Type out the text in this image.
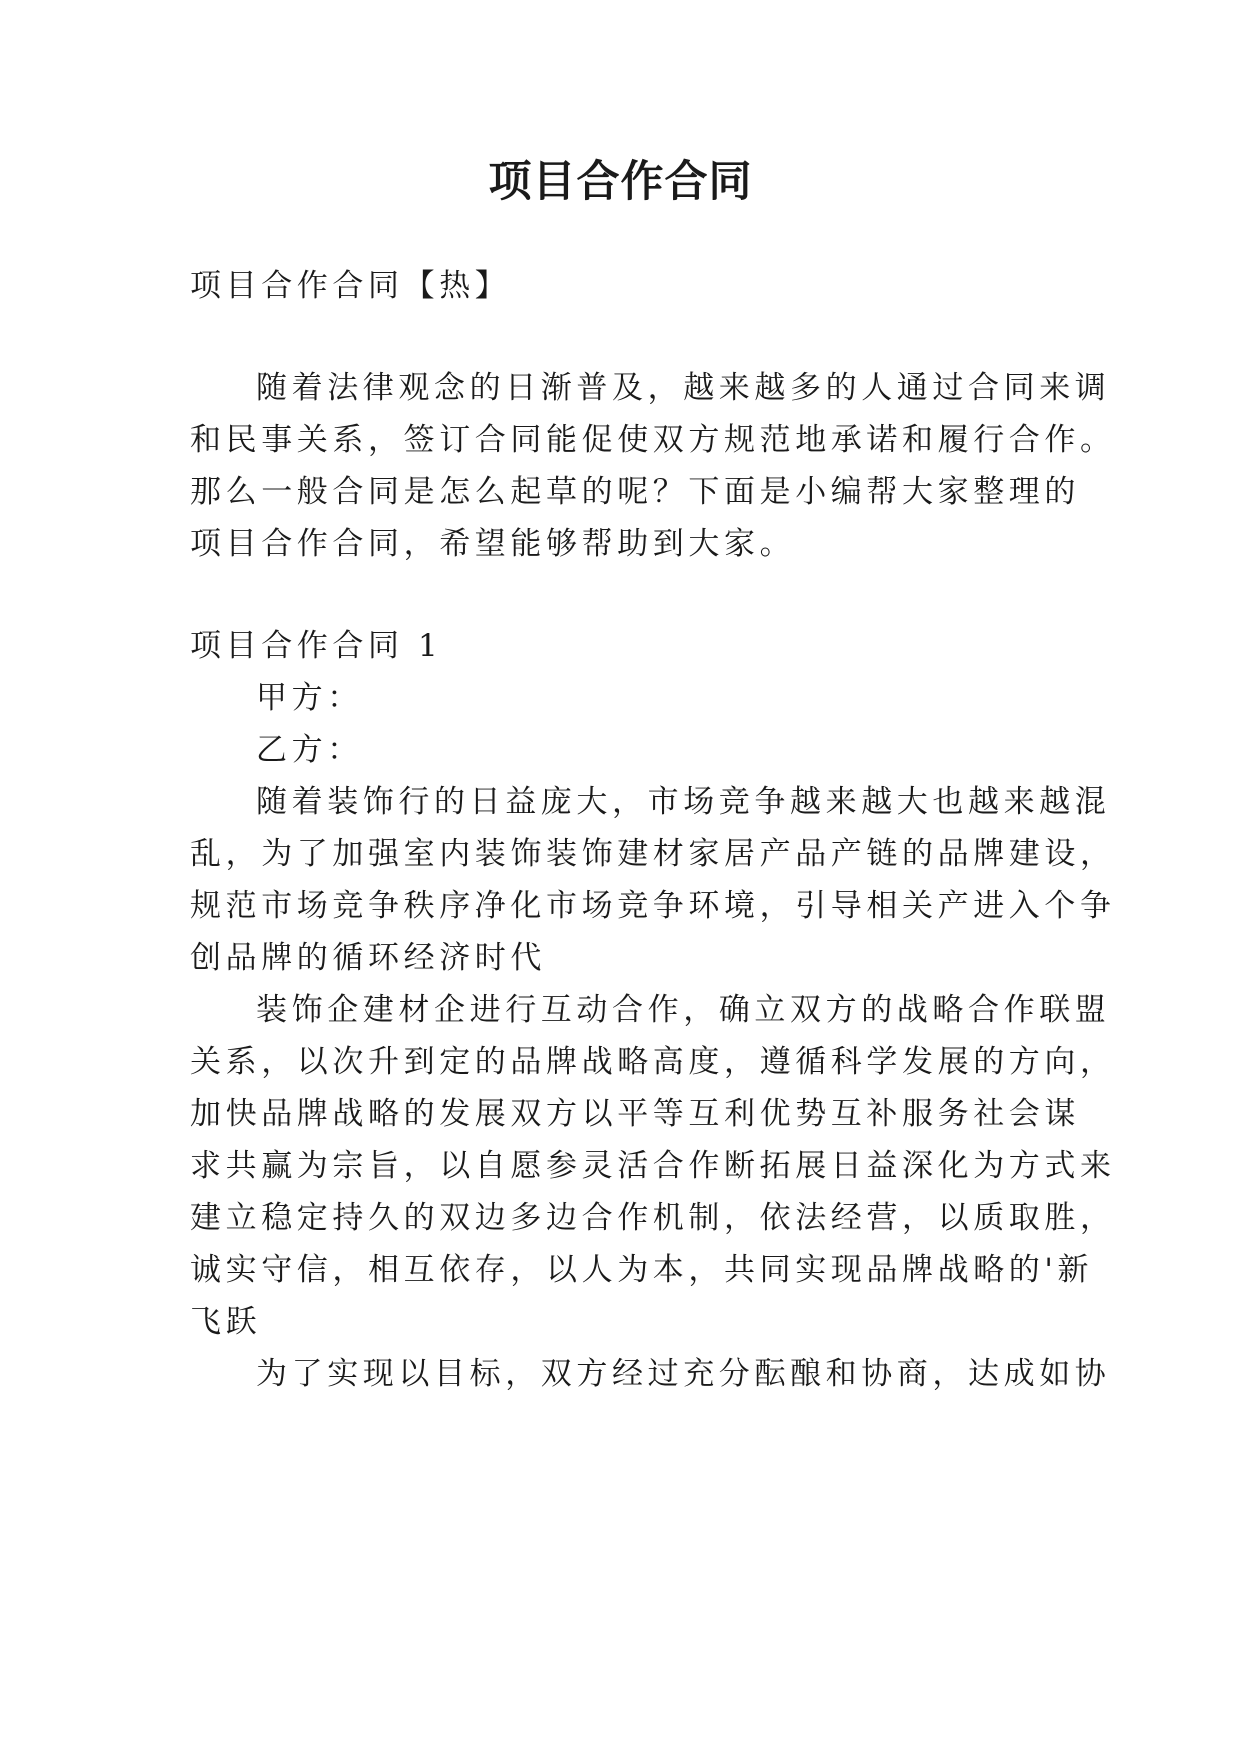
项目合作合同
项目合作合同【热】
随着法律观念的日渐普及，越来越多的人通过合同来调
和民事关系，签订合同能促使双方规范地承诺和履行合作。
那么一般合同是怎么起草的呢？下面是小编帮大家整理的
项目合作合同，希望能够帮助到大家。
项目合作合同 1
甲方：
乙方：
随着装饰行的日益庞大，市场竞争越来越大也越来越混
乱，为了加强室内装饰装饰建材家居产品产链的品牌建设，
规范市场竞争秩序净化市场竞争环境，引导相关产进入个争
创品牌的循环经济时代
装饰企建材企进行互动合作，确立双方的战略合作联盟
关系，以次升到定的品牌战略高度，遵循科学发展的方向，
加快品牌战略的发展双方以平等互利优势互补服务社会谋
求共赢为宗旨，以自愿参灵活合作断拓展日益深化为方式来
建立稳定持久的双边多边合作机制，依法经营，以质取胜，
诚实守信，相互依存，以人为本，共同实现品牌战略的'新
飞跃
为了实现以目标，双方经过充分酝酿和协商，达成如协
